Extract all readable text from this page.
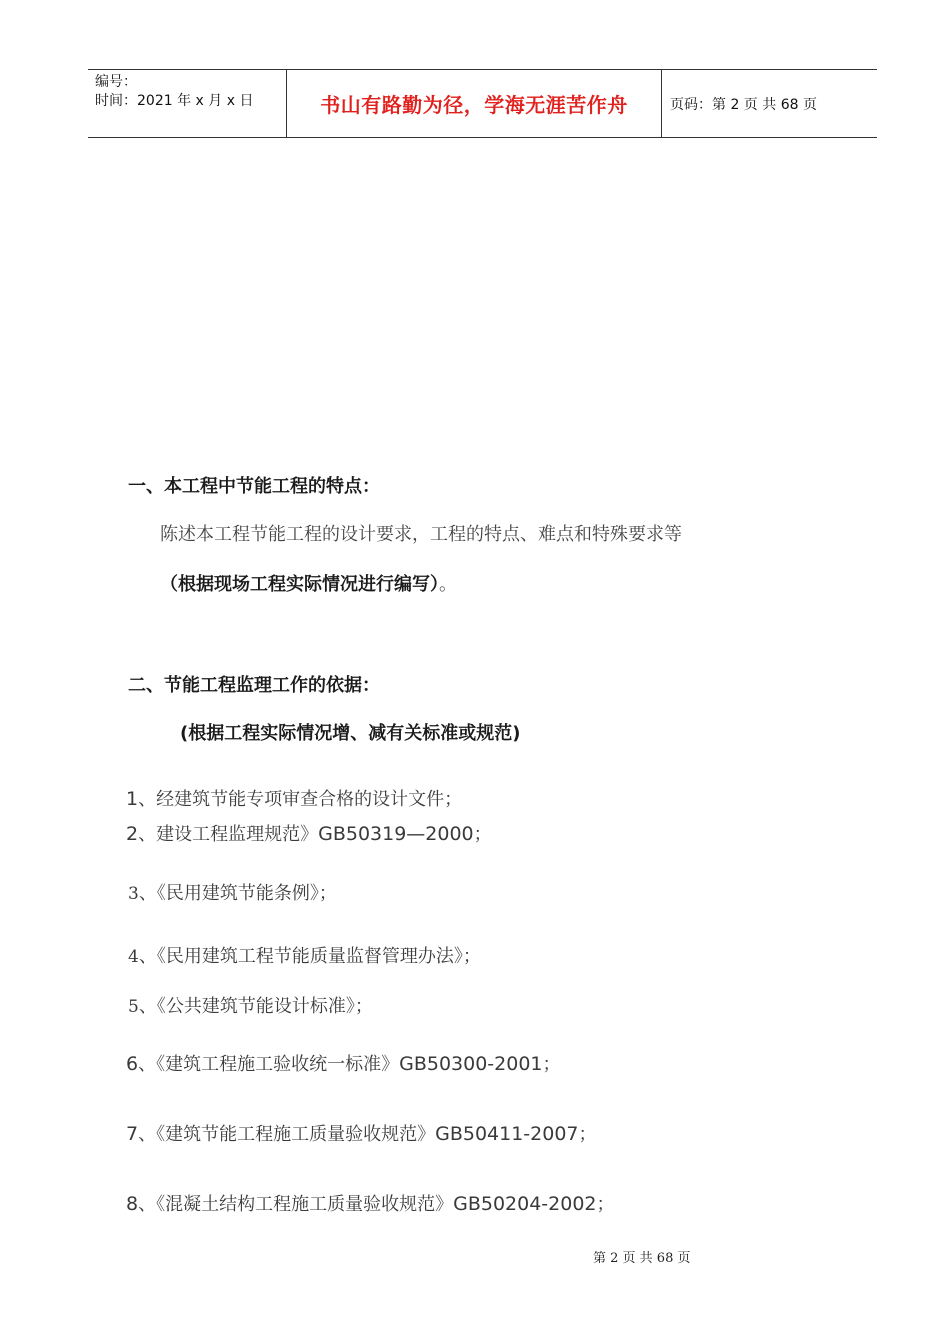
编号：
时间：2021 年 x 月 x 日	书山有路勤为径，学海无涯苦作舟	页码：第 2 页 共 68 页
一、本工程中节能工程的特点：
陈述本工程节能工程的设计要求，工程的特点、难点和特殊要求等
（根据现场工程实际情况进行编写）。
二、节能工程监理工作的依据：
(根据工程实际情况增、减有关标准或规范)
1、经建筑节能专项审查合格的设计文件；
2、建设工程监理规范》GB50319—2000；
3、《民用建筑节能条例》；
4、《民用建筑工程节能质量监督管理办法》；
5、《公共建筑节能设计标准》；
6、《建筑工程施工验收统一标准》GB50300-2001；
7、《建筑节能工程施工质量验收规范》GB50411-2007；
8、《混凝土结构工程施工质量验收规范》GB50204-2002；
第 2 页 共 68 页
